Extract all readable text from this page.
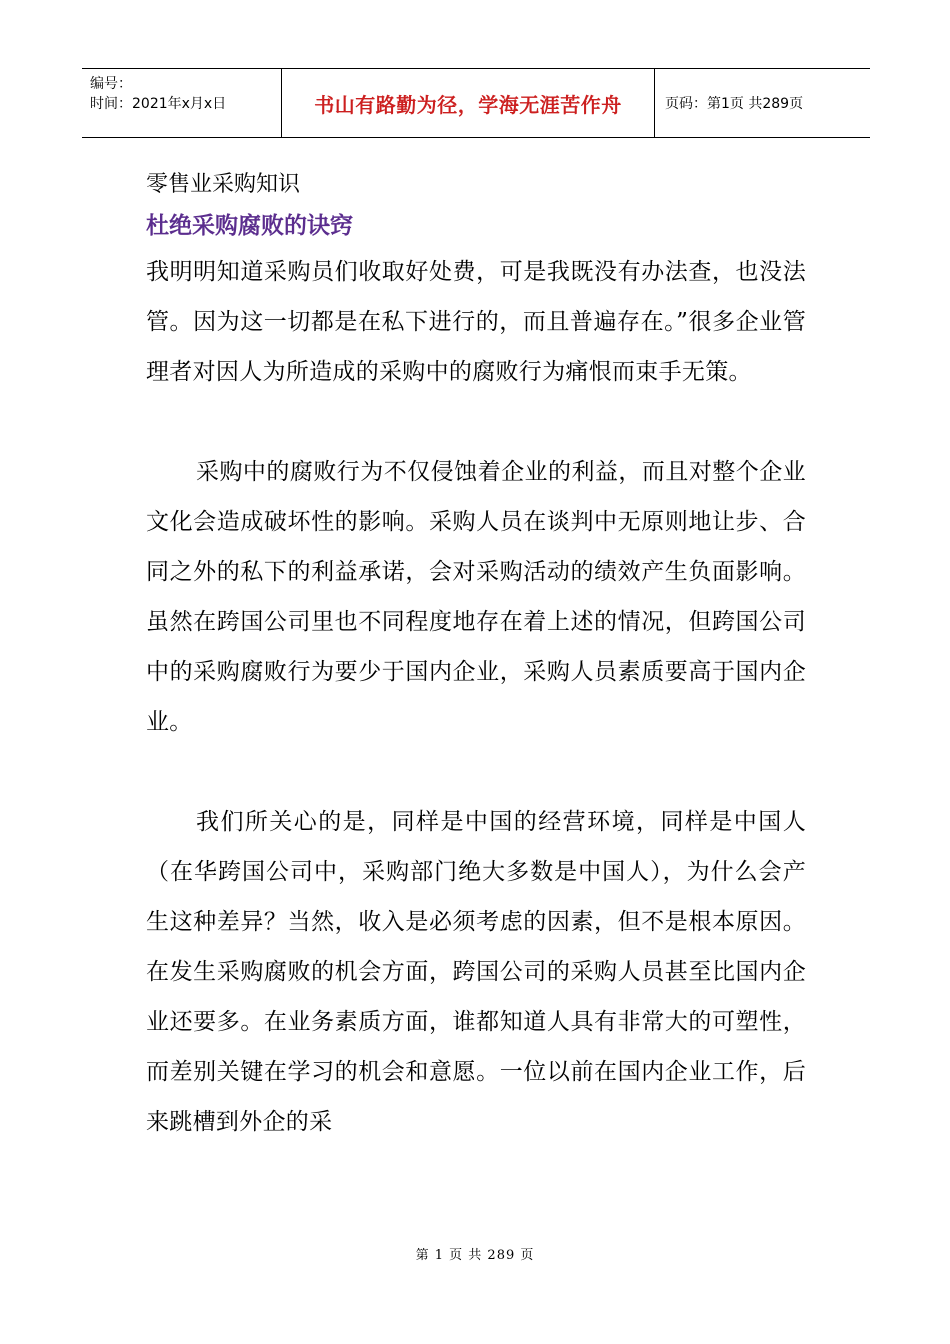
编号：
时间：2021年x月x日	书山有路勤为径，学海无涯苦作舟	页码：第1页 共289页

零售业采购知识

杜绝采购腐败的诀窍

我明明知道采购员们收取好处费，可是我既没有办法查，也没法管。因为这一切都是在私下进行的，而且普遍存在。”很多企业管理者对因人为所造成的采购中的腐败行为痛恨而束手无策。

采购中的腐败行为不仅侵蚀着企业的利益，而且对整个企业文化会造成破坏性的影响。采购人员在谈判中无原则地让步、合同之外的私下的利益承诺，会对采购活动的绩效产生负面影响。虽然在跨国公司里也不同程度地存在着上述的情况，但跨国公司中的采购腐败行为要少于国内企业，采购人员素质要高于国内企业。

我们所关心的是，同样是中国的经营环境，同样是中国人（在华跨国公司中，采购部门绝大多数是中国人），为什么会产生这种差异？当然，收入是必须考虑的因素，但不是根本原因。在发生采购腐败的机会方面，跨国公司的采购人员甚至比国内企业还要多。在业务素质方面，谁都知道人具有非常大的可塑性，而差别关键在学习的机会和意愿。一位以前在国内企业工作，后来跳槽到外企的采

第 1 页 共 289 页
